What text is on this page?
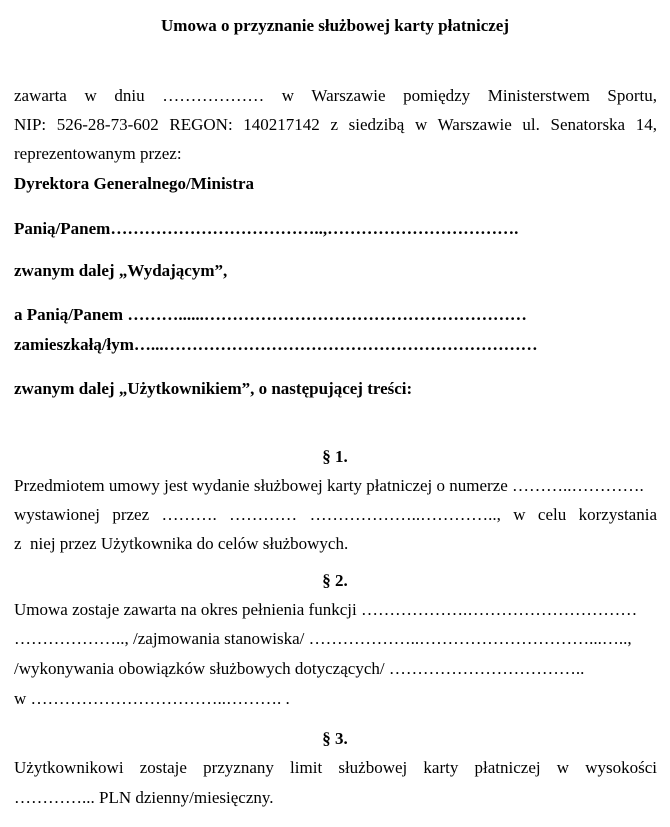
Umowa o przyznanie służbowej karty płatniczej
zawarta w dniu ……………… w Warszawie pomiędzy Ministerstwem Sportu,
NIP: 526-28-73-602 REGON: 140217142 z siedzibą w Warszawie ul. Senatorska 14,
reprezentowanym przez:
Dyrektora Generalnego/Ministra
Panią/Panem………………………………..,…………………………….
zwanym dalej „Wydającym”,
a Panią/Panem ………......…………………………………………………
zamieszkałą/łym…...…………………………………………………………
zwanym dalej „Użytkownikiem”, o następującej treści:
§ 1.
Przedmiotem umowy jest wydanie służbowej karty płatniczej o numerze ………..………….
wystawionej przez ………. ………… ………………..………….., w celu korzystania
z  niej przez Użytkownika do celów służbowych.
§ 2.
Umowa zostaje zawarta na okres pełnienia funkcji ……………….…………………………
……………….., /zajmowania stanowiska/ ………………..…………………………...…..,
/wykonywania obowiązków służbowych dotyczących/ ……………………………..
w ……………………………..………. .
§ 3.
Użytkownikowi zostaje przyznany limit służbowej karty płatniczej w wysokości
…………... PLN dzienny/miesięczny.
